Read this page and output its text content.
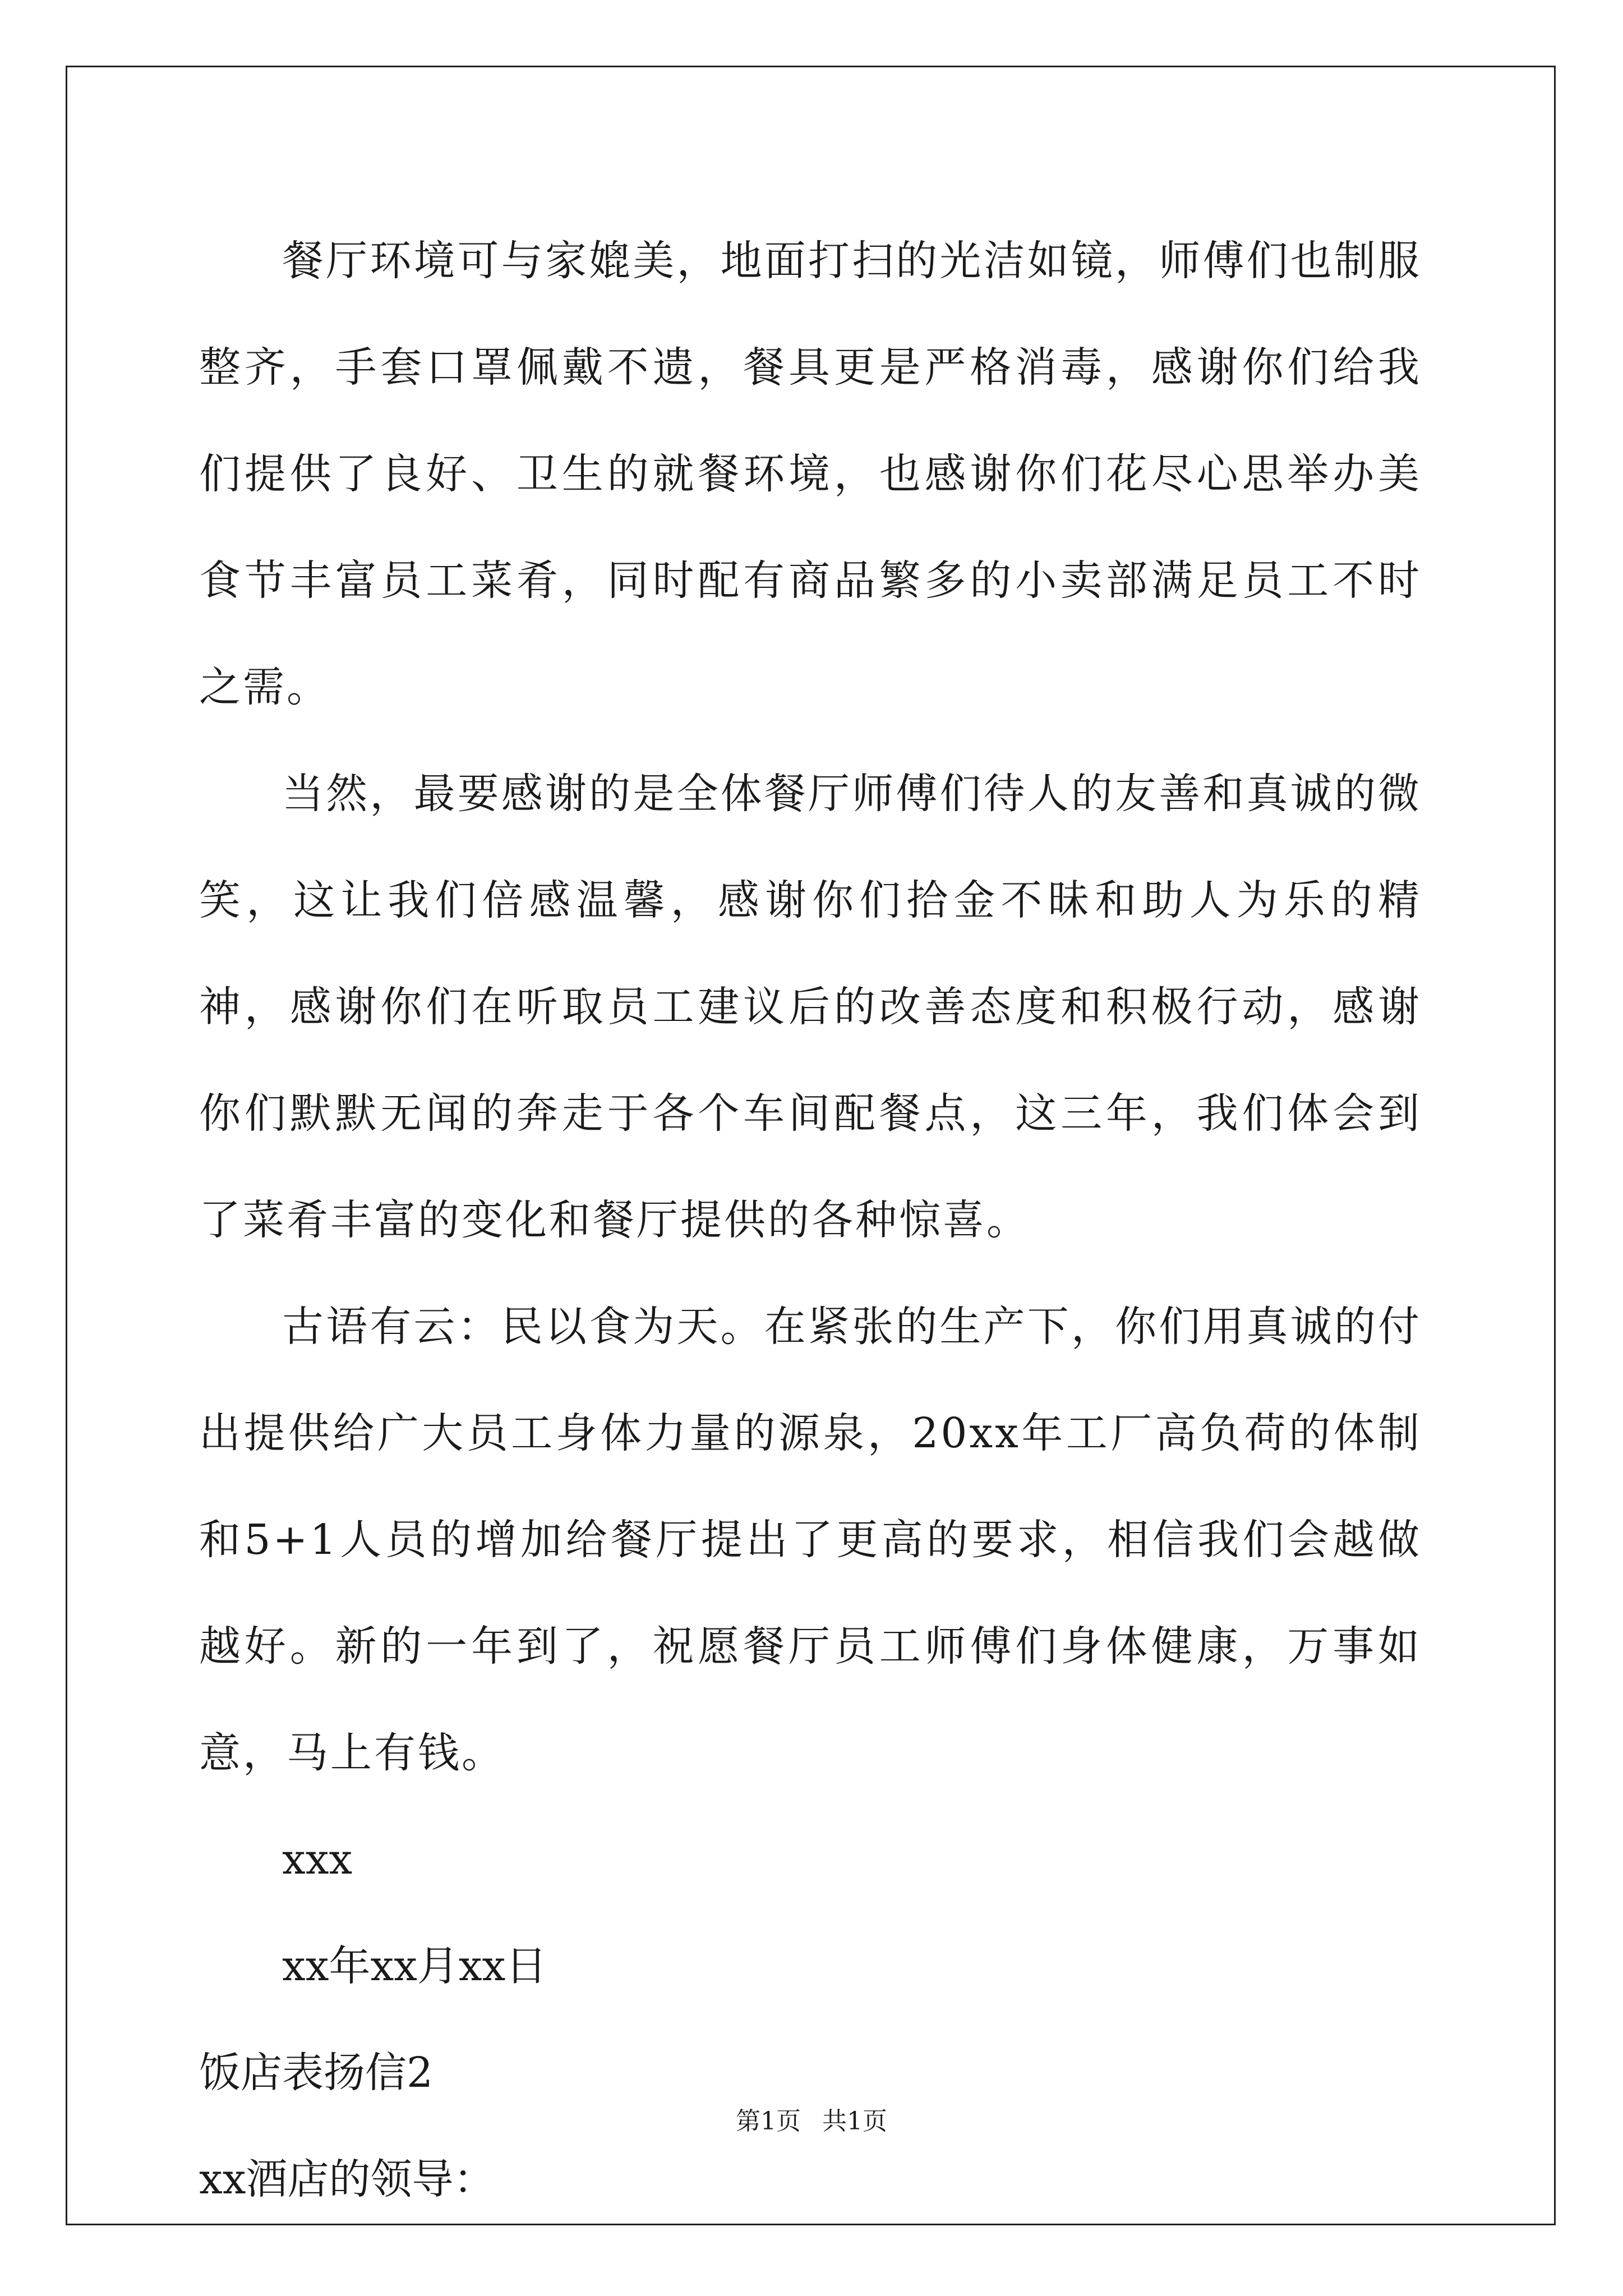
餐厅环境可与家媲美，地面打扫的光洁如镜，师傅们也制服整齐，手套口罩佩戴不遗，餐具更是严格消毒，感谢你们给我们提供了良好、卫生的就餐环境，也感谢你们花尽心思举办美食节丰富员工菜肴，同时配有商品繁多的小卖部满足员工不时之需。

当然，最要感谢的是全体餐厅师傅们待人的友善和真诚的微笑，这让我们倍感温馨，感谢你们拾金不昧和助人为乐的精神，感谢你们在听取员工建议后的改善态度和积极行动，感谢你们默默无闻的奔走于各个车间配餐点，这三年，我们体会到了菜肴丰富的变化和餐厅提供的各种惊喜。

古语有云：民以食为天。在紧张的生产下，你们用真诚的付出提供给广大员工身体力量的源泉，20xx年工厂高负荷的体制和5+1人员的增加给餐厅提出了更高的要求，相信我们会越做越好。新的一年到了，祝愿餐厅员工师傅们身体健康，万事如意，马上有钱。

xxx

xx年xx月xx日

饭店表扬信2

xx酒店的领导：

第1页 共1页
